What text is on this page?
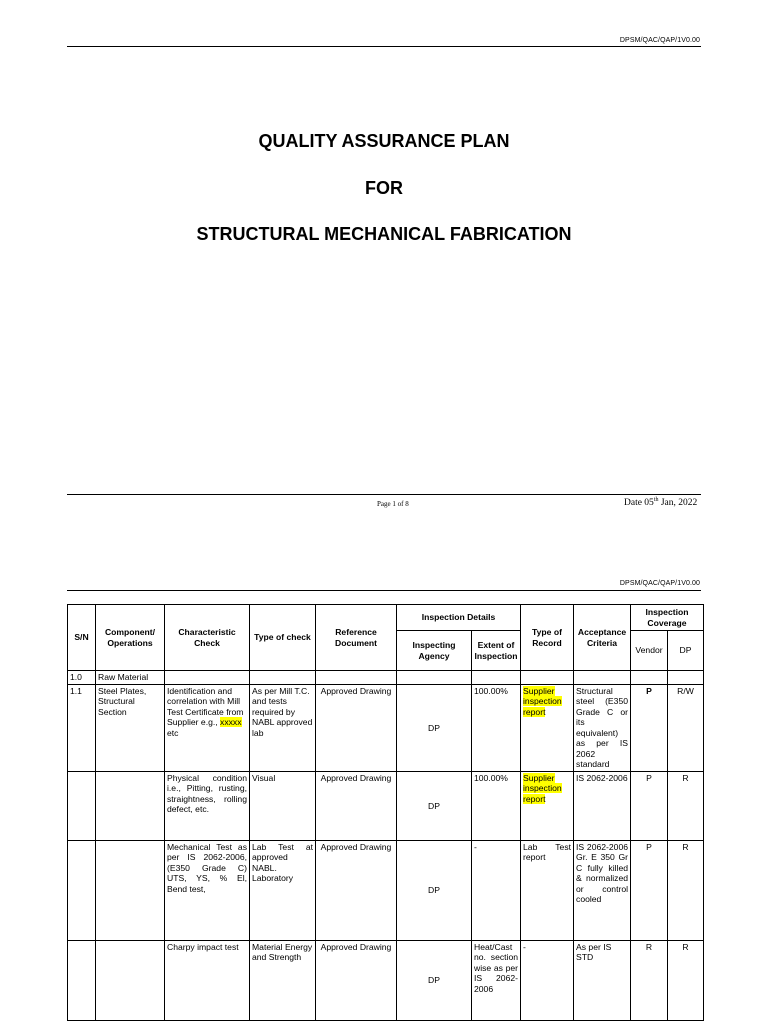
DPSM/QAC/QAP/1V0.00
QUALITY ASSURANCE PLAN
FOR
STRUCTURAL MECHANICAL FABRICATION
Page 1 of 8	Date 05th Jan, 2022
DPSM/QAC/QAP/1V0.00
S/N	Component/ Operations	Characteristic Check	Type of check	Reference Document	Inspection Details		Type of Record	Acceptance Criteria	Inspection Coverage	
					Inspecting Agency	Extent of Inspection			Vendor	DP
1.0	Raw Material									
1.1	Steel Plates, Structural Section	Identification and correlation with Mill Test Certificate from Supplier e.g., xxxxx etc	As per Mill T.C. and tests required by NABL approved lab	Approved Drawing	DP	100.00%	Supplier inspection report	Structural steel (E350 Grade C or its equivalent) as per IS 2062 standard	P	R/W
		Physical condition i.e., Pitting, rusting, straightness, rolling defect, etc.	Visual	Approved Drawing	DP	100.00%	Supplier inspection report	IS 2062-2006	P	R
		Mechanical Test as per IS 2062-2006, (E350 Grade C) UTS, YS, % El, Bend test,	Lab Test at approved NABL. Laboratory	Approved Drawing	DP	-	Lab Test report	IS 2062-2006 Gr. E 350 Gr C fully killed & normalized or control cooled	P	R
		Charpy impact test	Material Energy and Strength	Approved Drawing	DP	Heat/Cast no. section wise as per IS 2062-2006	-	As per IS STD	R	R
